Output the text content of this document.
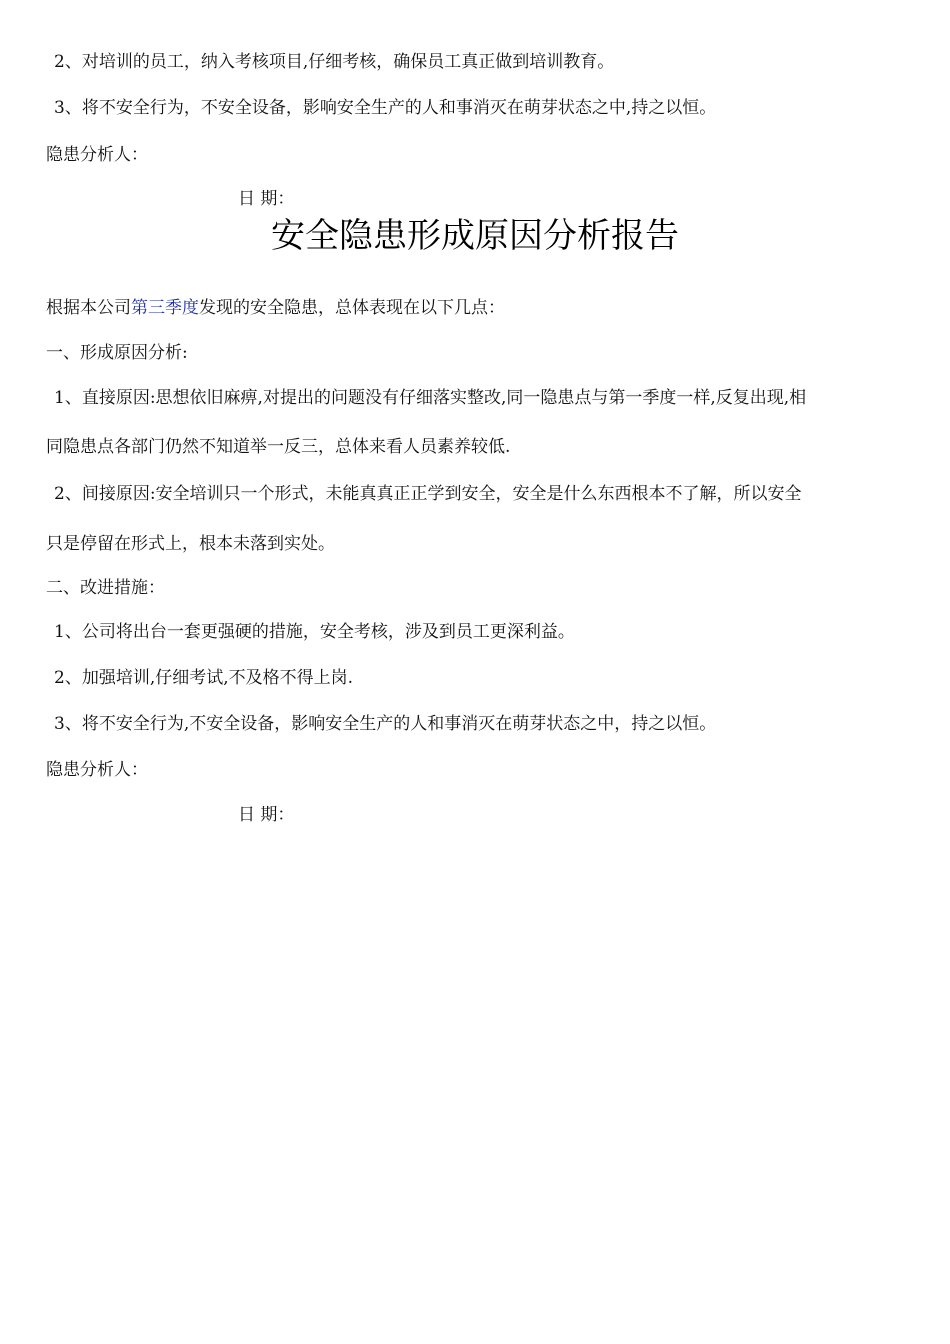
2、对培训的员工，纳入考核项目,仔细考核，确保员工真正做到培训教育。
3、将不安全行为，不安全设备，影响安全生产的人和事消灭在萌芽状态之中,持之以恒。
隐患分析人：
日 期：
安全隐患形成原因分析报告
根据本公司第三季度发现的安全隐患，总体表现在以下几点：
一、形成原因分析:
1、直接原因:思想依旧麻痹,对提出的问题没有仔细落实整改,同一隐患点与第一季度一样,反复出现,相
同隐患点各部门仍然不知道举一反三，总体来看人员素养较低.
2、间接原因:安全培训只一个形式，未能真真正正学到安全，安全是什么东西根本不了解，所以安全
只是停留在形式上，根本未落到实处。
二、改进措施：
1、公司将出台一套更强硬的措施，安全考核，涉及到员工更深利益。
2、加强培训,仔细考试,不及格不得上岗.
3、将不安全行为,不安全设备，影响安全生产的人和事消灭在萌芽状态之中，持之以恒。
隐患分析人：
日 期：
